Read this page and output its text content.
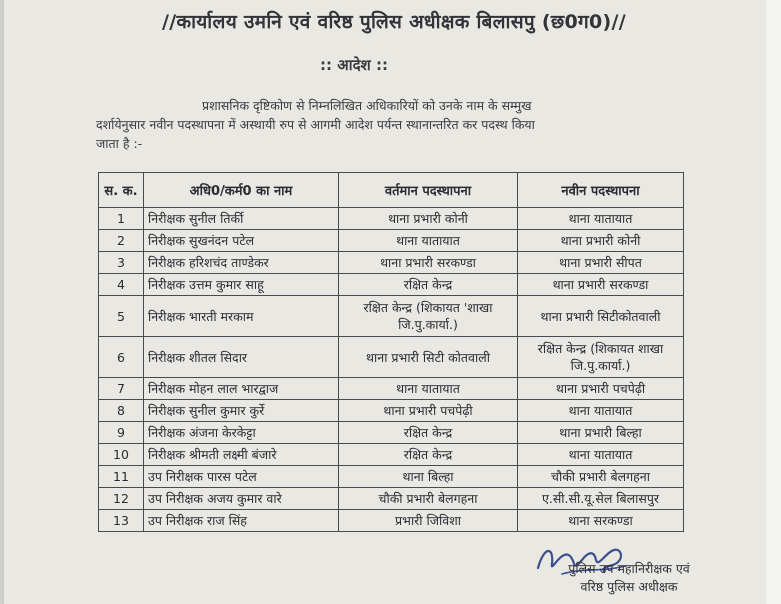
//कार्यालय उमनि एवं वरिष्ठ पुलिस अधीक्षक बिलासपु (छ0ग0)//
:: आदेश ::
प्रशासनिक दृष्टिकोण से निम्नलिखित अधिकारियों को उनके नाम के सम्मुख
दर्शायेनुसार नवीन पदस्थापना में अस्थायी रुप से आगमी आदेश पर्यन्त स्थानान्तरित कर पदस्थ किया
जाता है :-
स. क.	अधि0/कर्म0 का नाम	वर्तमान पदस्थापना	नवीन पदस्थापना
1	निरीक्षक सुनील तिर्की	थाना प्रभारी कोनी	थाना यातायात
2	निरीक्षक सुखनंदन पटेल	थाना यातायात	थाना प्रभारी कोनी
3	निरीक्षक हरिशचंद ताण्डेकर	थाना प्रभारी सरकण्डा	थाना प्रभारी सीपत
4	निरीक्षक उत्तम कुमार साहू	रक्षित केन्द्र	थाना प्रभारी सरकण्डा
5	निरीक्षक भारती मरकाम	रक्षित केन्द्र (शिकायत 'शाखा जि.पु.कार्या.)	थाना प्रभारी सिटीकोतवाली
6	निरीक्षक शीतल सिदार	थाना प्रभारी सिटी कोतवाली	रक्षित केन्द्र (शिकायत शाखा जि.पु.कार्या.)
7	निरीक्षक मोहन लाल भारद्वाज	थाना यातायात	थाना प्रभारी पचपेढ़ी
8	निरीक्षक सुनील कुमार कुर्रे	थाना प्रभारी पचपेढ़ी	थाना यातायात
9	निरीक्षक अंजना केरकेट्टा	रक्षित केन्द्र	थाना प्रभारी बिल्हा
10	निरीक्षक श्रीमती लक्ष्मी बंजारे	रक्षित केन्द्र	थाना यातायात
11	उप निरीक्षक पारस पटेल	थाना बिल्हा	चौकी प्रभारी बेलगहना
12	उप निरीक्षक अजय कुमार वारे	चौकी प्रभारी बेलगहना	ए.सी.सी.यू.सेल बिलासपुर
13	उप निरीक्षक राज सिंह	प्रभारी जिविशा	थाना सरकण्डा
पुलिस उप महानिरीक्षक एवं
वरिष्ठ पुलिस अधीक्षक
